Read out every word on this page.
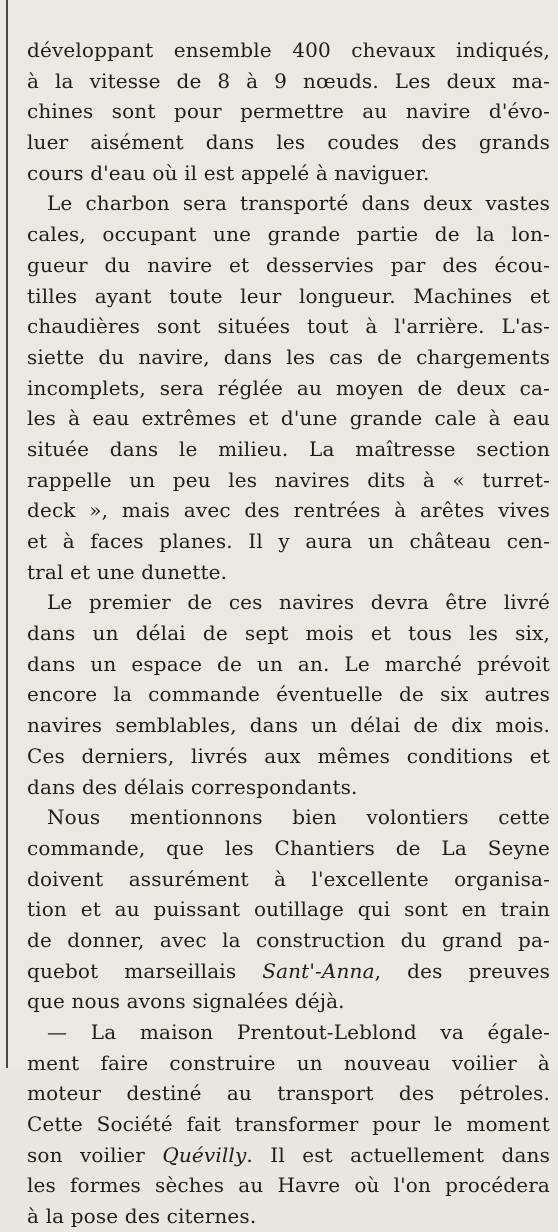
développant ensemble 400 chevaux indiqués,
à la vitesse de 8 à 9 nœuds. Les deux ma-
chines sont pour permettre au navire d'évo-
luer aisément dans les coudes des grands
cours d'eau où il est appelé à naviguer.
Le charbon sera transporté dans deux vastes
cales, occupant une grande partie de la lon-
gueur du navire et desservies par des écou-
tilles ayant toute leur longueur. Machines et
chaudières sont situées tout à l'arrière. L'as-
siette du navire, dans les cas de chargements
incomplets, sera réglée au moyen de deux ca-
les à eau extrêmes et d'une grande cale à eau
située dans le milieu. La maîtresse section
rappelle un peu les navires dits à « turret-
deck », mais avec des rentrées à arêtes vives
et à faces planes. Il y aura un château cen-
tral et une dunette.
Le premier de ces navires devra être livré
dans un délai de sept mois et tous les six,
dans un espace de un an. Le marché prévoit
encore la commande éventuelle de six autres
navires semblables, dans un délai de dix mois.
Ces derniers, livrés aux mêmes conditions et
dans des délais correspondants.
Nous mentionnons bien volontiers cette
commande, que les Chantiers de La Seyne
doivent assurément à l'excellente organisa-
tion et au puissant outillage qui sont en train
de donner, avec la construction du grand pa-
quebot marseillais Sant'-Anna, des preuves
que nous avons signalées déjà.
— La maison Prentout-Leblond va égale-
ment faire construire un nouveau voilier à
moteur destiné au transport des pétroles.
Cette Société fait transformer pour le moment
son voilier Quévilly. Il est actuellement dans
les formes sèches au Havre où l'on procédera
à la pose des citernes.
